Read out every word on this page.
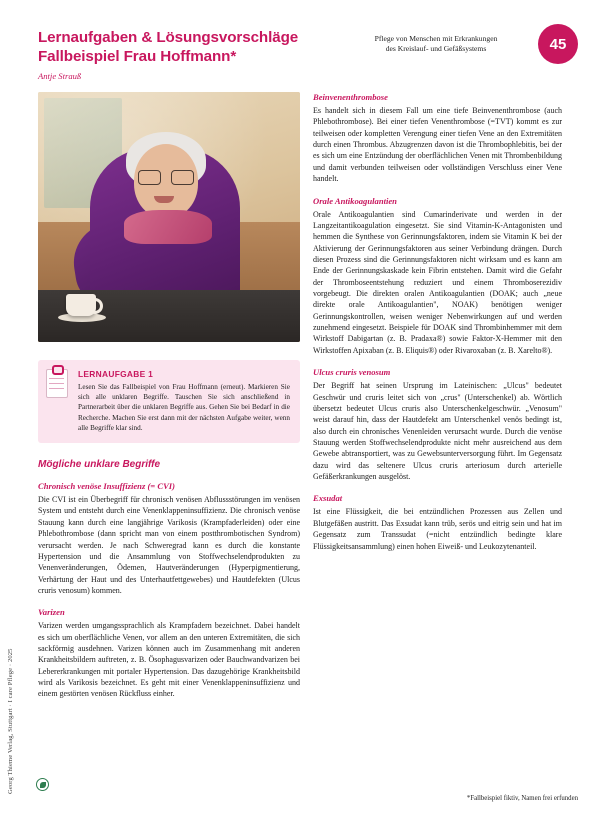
Lernaufgaben & Lösungsvorschläge
Fallbeispiel Frau Hoffmann*
Antje Strauß
Pflege von Menschen mit Erkrankungen
des Kreislauf- und Gefäßsystems	45
LERNAUFGABE 1
Lesen Sie das Fallbeispiel von Frau Hoffmann (erneut). Markieren Sie sich alle unklaren Begriffe. Tauschen Sie sich anschließend in Partnerarbeit über die unklaren Begriffe aus. Gehen Sie bei Bedarf in die Recherche. Machen Sie erst dann mit der nächsten Aufgabe weiter, wenn alle Begriffe klar sind.
Mögliche unklare Begriffe
Chronisch venöse Insuffizienz (= CVI)

Die CVI ist ein Überbegriff für chronisch venösen Abflussstörungen im venösen System und entsteht durch eine Venenklappeninsuffizienz. Die chronisch venöse Stauung kann durch eine langjährige Varikosis (Krampfaderleiden) oder eine Phlebothrombose (dann spricht man von einem postthrombotischen Syndrom) verursacht werden. Je nach Schweregrad kann es durch die konstante Hypertension und die Ansammlung von Stoffwechselendprodukten zu Venenveränderungen, Ödemen, Hautveränderungen (Hyperpigmentierung, Verhärtung der Haut und des Unterhautfettgewebes) und Hautdefekten (Ulcus cruris venosum) kommen.

Varizen

Varizen werden umgangssprachlich als Krampfadern bezeichnet. Dabei handelt es sich um oberflächliche Venen, vor allem an den unteren Extremitäten, die sich sackförmig ausdehnen. Varizen können auch im Zusammenhang mit anderen Krankheitsbildern auftreten, z. B. Ösophagusvarizen oder Bauchwandvarizen bei Lebererkrankungen mit portaler Hypertension. Das dazugehörige Krankheitsbild wird als Varikosis bezeichnet. Es geht mit einer Venenklappeninsuffizienz und einem gestörten venösen Rückfluss einher.

Beinvenenthrombose

Es handelt sich in diesem Fall um eine tiefe Beinvenenthrombose (auch Phlebothrombose). Bei einer tiefen Venenthrombose (=TVT) kommt es zur teilweisen oder kompletten Verengung einer tiefen Vene an den Extremitäten durch einen Thrombus. Abzugrenzen davon ist die Thrombophlebitis, bei der es sich um eine Entzündung der oberflächlichen Venen mit Thrombenbildung und damit verbunden teilweisen oder vollständigen Verschluss einer Vene handelt.

Orale Antikoagulantien

Orale Antikoagulantien sind Cumarinderivate und werden in der Langzeitantikoagulation eingesetzt. Sie sind Vitamin-K-Antagonisten und hemmen die Synthese von Gerinnungsfaktoren, indem sie Vitamin K bei der Aktivierung der Gerinnungsfaktoren aus seiner Verbindung drängen. Durch diesen Prozess sind die Gerinnungsfaktoren nicht wirksam und es kann am Ende der Gerinnungskaskade kein Fibrin entstehen. Damit wird die Gefahr der Thromboseentstehung reduziert und einem Thromboserezidiv vorgebeugt. Die direkten oralen Antikoagulantien (DOAK; auch „neue direkte orale Antikoagulantien", NOAK) benötigen weniger Gerinnungskontrollen, weisen weniger Nebenwirkungen auf und werden zunehmend eingesetzt. Beispiele für DOAK sind Thrombinhemmer mit dem Wirkstoff Dabigartan (z. B. Pradaxa®) sowie Faktor-X-Hemmer mit den Wirkstoffen Apixaban (z. B. Eliquis®) oder Rivaroxaban (z. B. Xarelto®).

Ulcus cruris venosum

Der Begriff hat seinen Ursprung im Lateinischen: „Ulcus" bedeutet Geschwür und cruris leitet sich von „crus" (Unterschenkel) ab. Wörtlich übersetzt bedeutet Ulcus cruris also Unterschenkelgeschwür. „Venosum" weist darauf hin, dass der Hautdefekt am Unterschenkel venös bedingt ist, also durch ein chronisches Venenleiden verursacht wurde. Durch die venöse Stauung werden Stoffwechselendprodukte nicht mehr ausreichend aus dem Gewebe abtransportiert, was zu Gewebsunterversorgung führt. Im Gegensatz dazu wird das seltenere Ulcus cruris arteriosum durch arterielle Gefäßerkrankungen ausgelöst.

Exsudat

Ist eine Flüssigkeit, die bei entzündlichen Prozessen aus Zellen und Blutgefäßen austritt. Das Exsudat kann trüb, serös und eitrig sein und hat im Gegensatz zum Transsudat (=nicht entzündlich bedingte klare Flüssigkeitsansammlung) einen hohen Eiweiß- und Leukozytenanteil.

Georg Thieme Verlag, Stuttgart · I care Pflege · 2025
*Fallbeispiel fiktiv, Namen frei erfunden
